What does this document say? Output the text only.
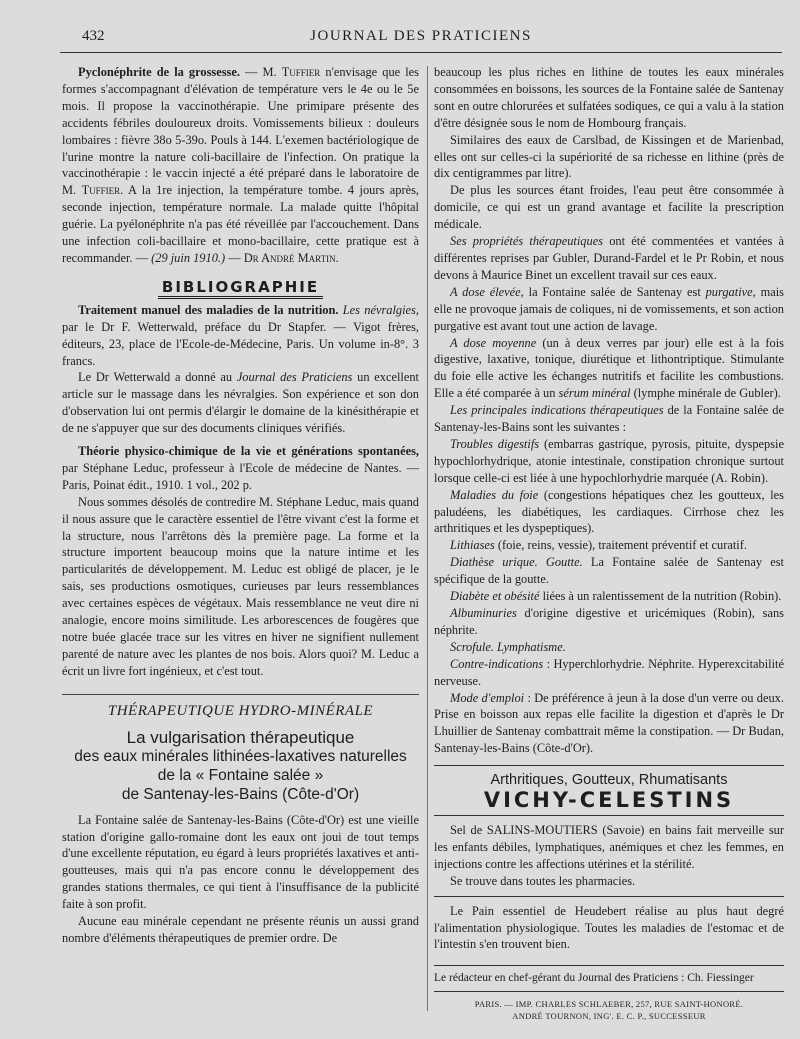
432	JOURNAL DES PRATICIENS

Pyclonéphrite de la grossesse. — M. Tuffier n'envisage que les formes s'accompagnant d'élévation de température vers le 4e ou le 5e mois. Il propose la vaccinothérapie. Une primipare présente des accidents fébriles douloureux droits. Vomissements bilieux : douleurs lombaires : fièvre 38o 5-39o. Pouls à 144. L'exemen bactériologique de l'urine montre la nature coli-bacillaire de l'infection. On pratique la vaccinothérapie : le vaccin injecté a été préparé dans le laboratoire de M. Tuffier. A la 1re injection, la température tombe. 4 jours après, seconde injection, température normale. La malade quitte l'hôpital guérie. La pyélonéphrite n'a pas été réveillée par l'accouchement. Dans une infection coli-bacillaire et mono-bacillaire, cette pratique est à recommander. — (29 juin 1910.) — Dr André Martin.

BIBLIOGRAPHIE

Traitement manuel des maladies de la nutrition. Les névralgies, par le Dr F. Wetterwald, préface du Dr Stapfer. — Vigot frères, éditeurs, 23, place de l'Ecole-de-Médecine, Paris. Un volume in-8°. 3 francs.

Le Dr Wetterwald a donné au Journal des Praticiens un excellent article sur le massage dans les névralgies. Son expérience et son don d'observation lui ont permis d'élargir le domaine de la kinésithérapie et de ne s'appuyer que sur des documents cliniques vérifiés.

Théorie physico-chimique de la vie et générations spontanées, par Stéphane Leduc, professeur à l'Ecole de médecine de Nantes. — Paris, Poinat édit., 1910. 1 vol., 202 p.

Nous sommes désolés de contredire M. Stéphane Leduc, mais quand il nous assure que le caractère essentiel de l'être vivant c'est la forme et la structure, nous l'arrêtons dès la première page. La forme et la structure importent beaucoup moins que la nature intime et les particularités de développement. M. Leduc est obligé de placer, je le sais, ses productions osmotiques, curieuses par leurs ressemblances avec certaines espèces de végétaux. Mais ressemblance ne veut dire ni analogie, encore moins similitude. Les arborescences de fougères que notre buée glacée trace sur les vitres en hiver ne signifient nullement parenté de nature avec les plantes de nos bois. Alors quoi? M. Leduc a écrit un livre fort ingénieux, et c'est tout.

THÉRAPEUTIQUE HYDRO-MINÉRALE
La vulgarisation thérapeutique
des eaux minérales lithinées-laxatives naturelles
de la « Fontaine salée »
de Santenay-les-Bains (Côte-d'Or)

La Fontaine salée de Santenay-les-Bains (Côte-d'Or) est une vieille station d'origine gallo-romaine dont les eaux ont joui de tout temps d'une excellente réputation, eu égard à leurs propriétés laxatives et anti-goutteuses, mais qui n'a pas encore connu le développement des grandes stations thermales, ce qui tient à l'insuffisance de la publicité faite à son profit.

Aucune eau minérale cependant ne présente réunis un aussi grand nombre d'éléments thérapeutiques de premier ordre. De

beaucoup les plus riches en lithine de toutes les eaux minérales consommées en boissons, les sources de la Fontaine salée de Santenay sont en outre chlorurées et sulfatées sodiques, ce qui a valu à la station d'être désignée sous le nom de Hombourg français.

Similaires des eaux de Carslbad, de Kissingen et de Marienbad, elles ont sur celles-ci la supériorité de sa richesse en lithine (près de dix centigrammes par litre).

De plus les sources étant froides, l'eau peut être consommée à domicile, ce qui est un grand avantage et facilite la prescription médicale.

Ses propriétés thérapeutiques ont été commentées et vantées à différentes reprises par Gubler, Durand-Fardel et le Pr Robin, et nous devons à Maurice Binet un excellent travail sur ces eaux.

A dose élevée, la Fontaine salée de Santenay est purgative, mais elle ne provoque jamais de coliques, ni de vomissements, et son action purgative est avant tout une action de lavage.

A dose moyenne (un à deux verres par jour) elle est à la fois digestive, laxative, tonique, diurétique et lithontriptique. Stimulante du foie elle active les échanges nutritifs et facilite les combustions. Elle a été comparée à un sérum minéral (lymphe minérale de Gubler).

Les principales indications thérapeutiques de la Fontaine salée de Santenay-les-Bains sont les suivantes :

Troubles digestifs (embarras gastrique, pyrosis, pituite, dyspepsie hypochlorhydrique, atonie intestinale, constipation chronique surtout lorsque celle-ci est liée à une hypochlorhydrie marquée (A. Robin).

Maladies du foie (congestions hépatiques chez les goutteux, les paludéens, les diabétiques, les cardiaques. Cirrhose chez les arthritiques et les dyspeptiques).

Lithiases (foie, reins, vessie), traitement préventif et curatif.

Diathèse urique. Goutte. La Fontaine salée de Santenay est spécifique de la goutte.

Diabète et obésité liées à un ralentissement de la nutrition (Robin).

Albuminuries d'origine digestive et uricémiques (Robin), sans néphrite.

Scrofule. Lymphatisme.

Contre-indications : Hyperchlorhydrie. Néphrite. Hyperexcitabilité nerveuse.

Mode d'emploi : De préférence à jeun à la dose d'un verre ou deux. Prise en boisson aux repas elle facilite la digestion et d'après le Dr Lhuillier de Santenay combattrait même la constipation. — Dr Budan, Santenay-les-Bains (Côte-d'Or).

Arthritiques, Goutteux, Rhumatisants
VICHY-CELESTINS

Sel de SALINS-MOUTIERS (Savoie) en bains fait merveille sur les enfants débiles, lymphatiques, anémiques et chez les femmes, en injections contre les affections utérines et la stérilité.

Se trouve dans toutes les pharmacies.

Le Pain essentiel de Heudebert réalise au plus haut degré l'alimentation physiologique. Toutes les maladies de l'estomac et de l'intestin s'en trouvent bien.

Le rédacteur en chef-gérant du Journal des Praticiens : Ch. Fiessinger
PARIS. — IMP. CHARLES SCHLAEBER, 257, RUE SAINT-HONORÉ.
ANDRÉ TOURNON, ING'. E. C. P., SUCCESSEUR
